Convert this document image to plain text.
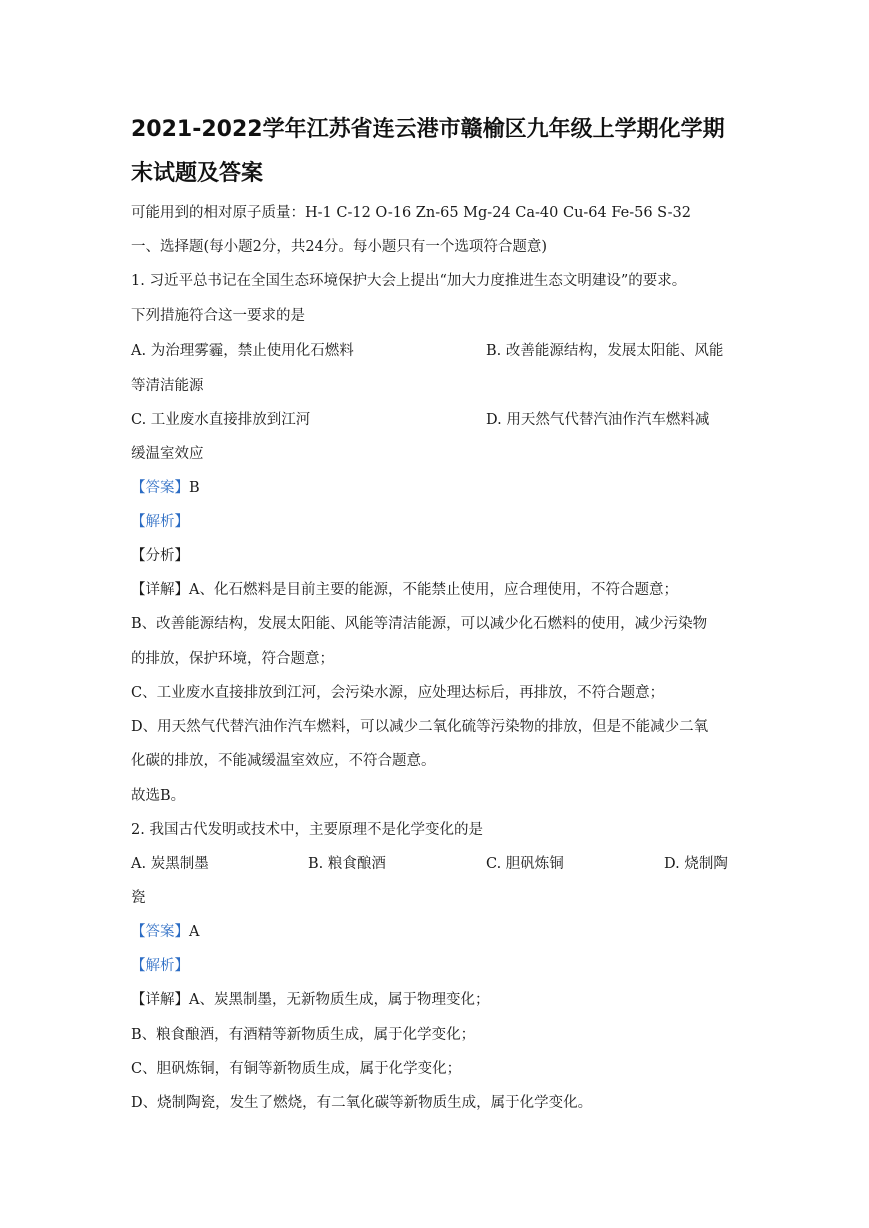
2021-2022学年江苏省连云港市赣榆区九年级上学期化学期
末试题及答案
可能用到的相对原子质量：H-1 C-12 O-16 Zn-65 Mg-24 Ca-40 Cu-64 Fe-56 S-32
一、选择题(每小题2分，共24分。每小题只有一个选项符合题意)
1. 习近平总书记在全国生态环境保护大会上提出“加大力度推进生态文明建设”的要求。
下列措施符合这一要求的是
A. 为治理雾霾，禁止使用化石燃料	B. 改善能源结构，发展太阳能、风能
等清洁能源
C. 工业废水直接排放到江河	D. 用天然气代替汽油作汽车燃料减
缓温室效应
【答案】B
【解析】
【分析】
【详解】A、化石燃料是目前主要的能源，不能禁止使用，应合理使用，不符合题意；
B、改善能源结构，发展太阳能、风能等清洁能源，可以减少化石燃料的使用，减少污染物
的排放，保护环境，符合题意；
C、工业废水直接排放到江河，会污染水源，应处理达标后，再排放，不符合题意；
D、用天然气代替汽油作汽车燃料，可以减少二氧化硫等污染物的排放，但是不能减少二氧
化碳的排放，不能减缓温室效应，不符合题意。
故选B。
2. 我国古代发明或技术中，主要原理不是化学变化的是
A. 炭黑制墨	B. 粮食酿酒	C. 胆矾炼铜	D. 烧制陶
瓷
【答案】A
【解析】
【详解】A、炭黑制墨，无新物质生成，属于物理变化；
B、粮食酿酒，有酒精等新物质生成，属于化学变化；
C、胆矾炼铜，有铜等新物质生成，属于化学变化；
D、烧制陶瓷，发生了燃烧，有二氧化碳等新物质生成，属于化学变化。
